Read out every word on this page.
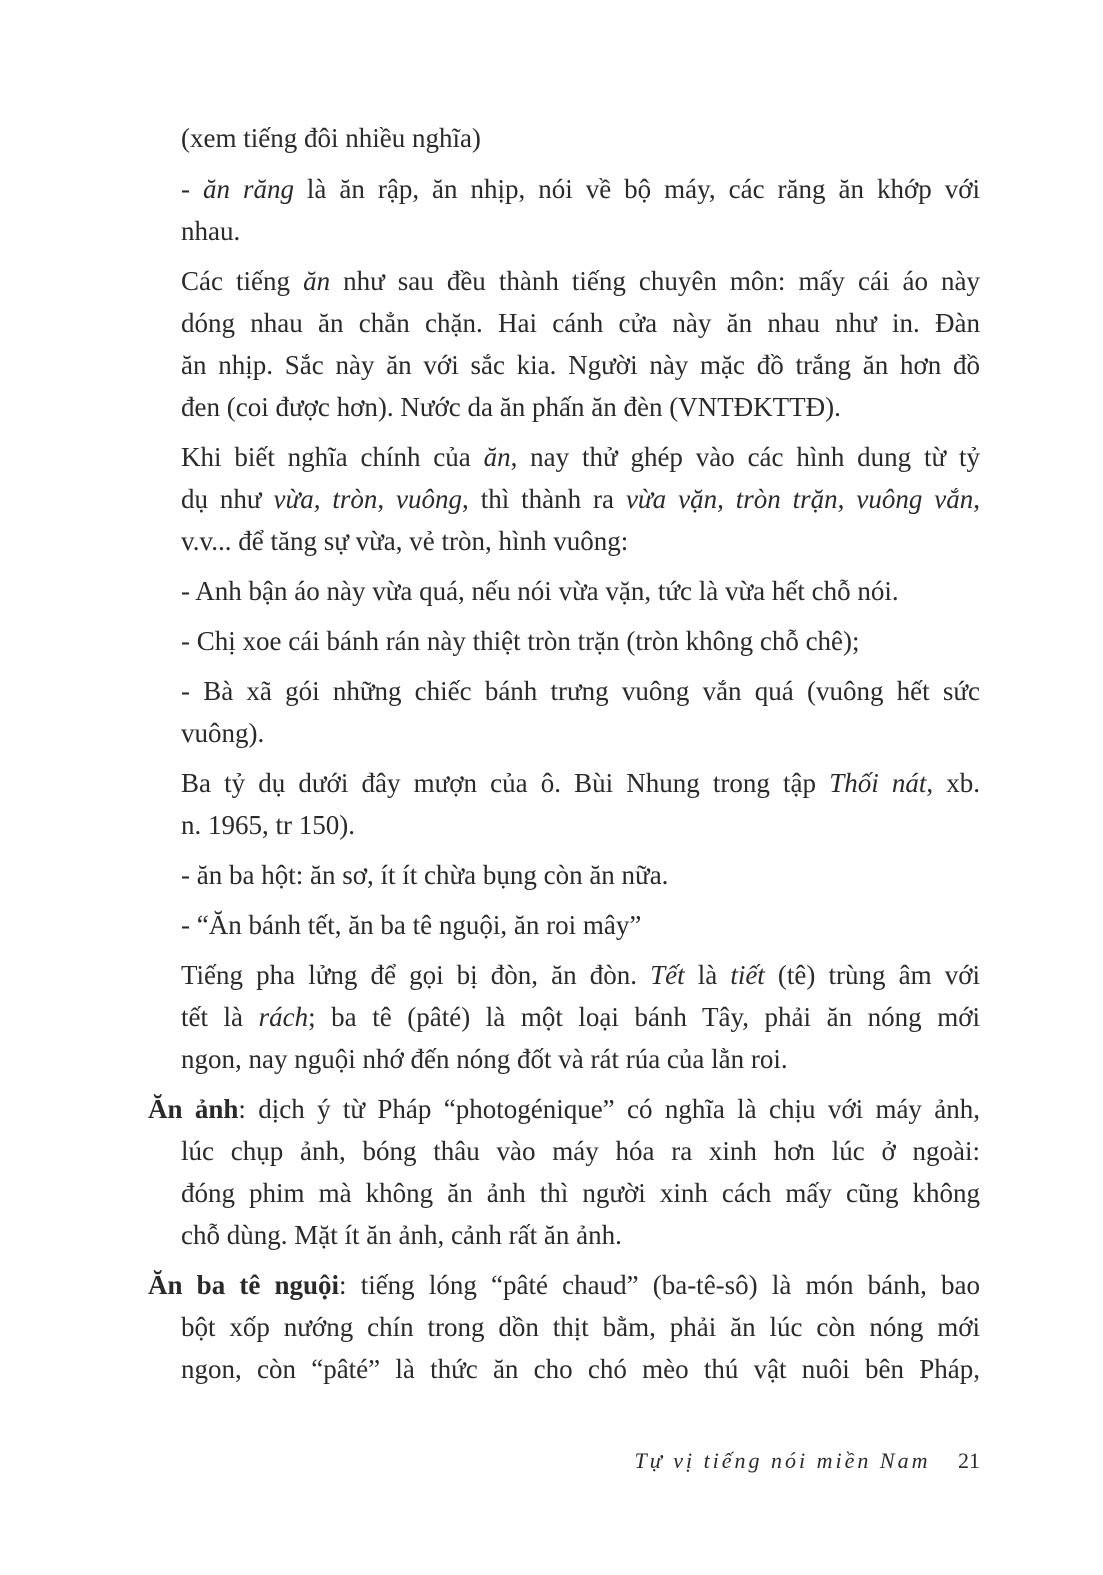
(xem tiếng đôi nhiều nghĩa)
- ăn răng là ăn rập, ăn nhịp, nói về bộ máy, các răng ăn khớp với
nhau.
Các tiếng ăn như sau đều thành tiếng chuyên môn: mấy cái áo này
dóng nhau ăn chẳn chặn. Hai cánh cửa này ăn nhau như in. Đàn
ăn nhịp. Sắc này ăn với sắc kia. Người này mặc đồ trắng ăn hơn đồ
đen (coi được hơn). Nước da ăn phấn ăn đèn (VNTĐKTTĐ).
Khi biết nghĩa chính của ăn, nay thử ghép vào các hình dung từ tỷ
dụ như vừa, tròn, vuông, thì thành ra vừa vặn, tròn trặn, vuông vắn,
v.v... để tăng sự vừa, vẻ tròn, hình vuông:
- Anh bận áo này vừa quá, nếu nói vừa vặn, tức là vừa hết chỗ nói.
- Chị xoe cái bánh rán này thiệt tròn trặn (tròn không chỗ chê);
- Bà xã gói những chiếc bánh trưng vuông vắn quá (vuông hết sức
vuông).
Ba tỷ dụ dưới đây mượn của ô. Bùi Nhung trong tập Thối nát, xb.
n. 1965, tr 150).
- ăn ba hột: ăn sơ, ít ít chừa bụng còn ăn nữa.
- “Ăn bánh tết, ăn ba tê nguội, ăn roi mây”
Tiếng pha lửng để gọi bị đòn, ăn đòn. Tết là tiết (tê) trùng âm với
tết là rách; ba tê (pâté) là một loại bánh Tây, phải ăn nóng mới
ngon, nay nguội nhớ đến nóng đốt và rát rúa của lằn roi.
Ăn ảnh: dịch ý từ Pháp “photogénique” có nghĩa là chịu với máy ảnh,
lúc chụp ảnh, bóng thâu vào máy hóa ra xinh hơn lúc ở ngoài:
đóng phim mà không ăn ảnh thì người xinh cách mấy cũng không
chỗ dùng. Mặt ít ăn ảnh, cảnh rất ăn ảnh.
Ăn ba tê nguội: tiếng lóng “pâté chaud” (ba-tê-sô) là món bánh, bao
bột xốp nướng chín trong dồn thịt bằm, phải ăn lúc còn nóng mới
ngon, còn “pâté” là thức ăn cho chó mèo thú vật nuôi bên Pháp,
Tự vị tiếng nói miền Nam 21
